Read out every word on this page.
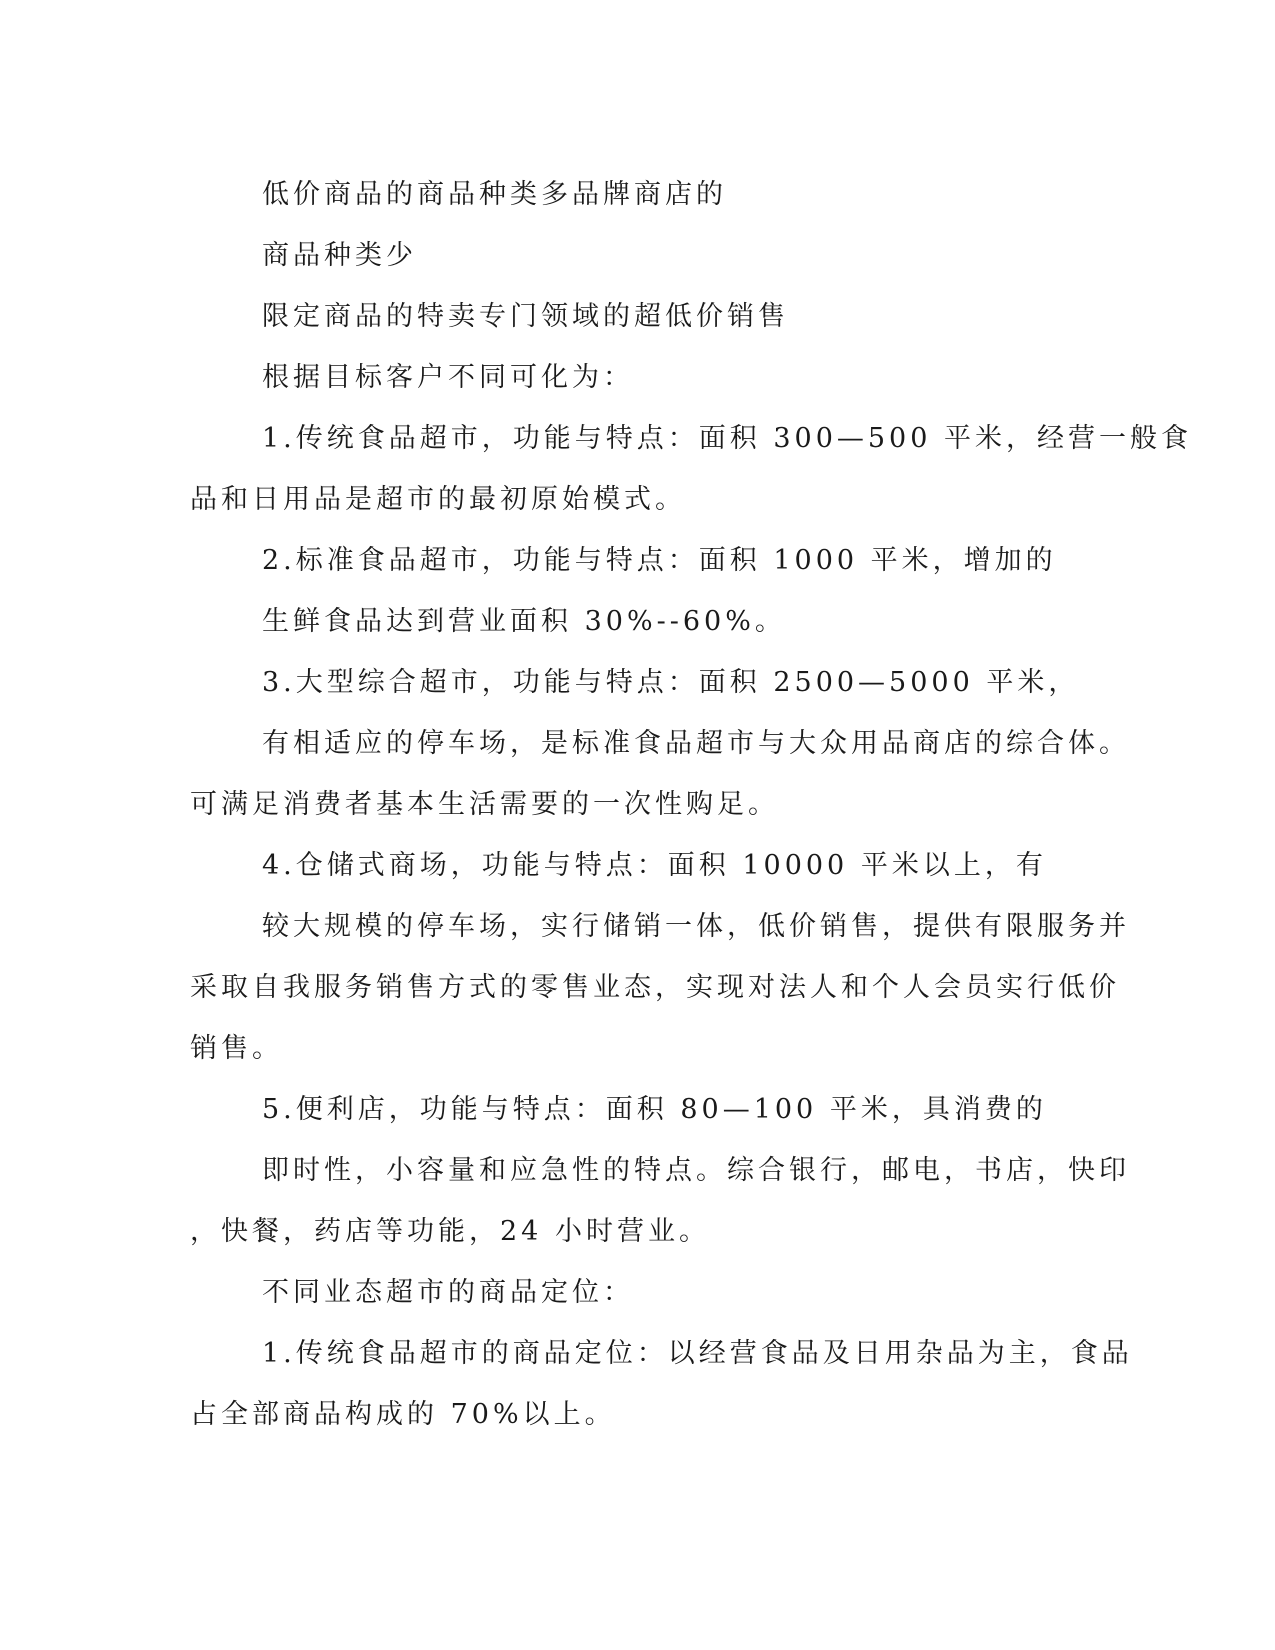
低价商品的商品种类多品牌商店的
商品种类少
限定商品的特卖专门领域的超低价销售
根据目标客户不同可化为：
1.传统食品超市，功能与特点：面积 300—500 平米，经营一般食
品和日用品是超市的最初原始模式。
2.标准食品超市，功能与特点：面积 1000 平米，增加的
生鲜食品达到营业面积 30%--60%。
3.大型综合超市，功能与特点：面积 2500—5000 平米，
有相适应的停车场，是标准食品超市与大众用品商店的综合体。
可满足消费者基本生活需要的一次性购足。
4.仓储式商场，功能与特点：面积 10000 平米以上，有
较大规模的停车场，实行储销一体，低价销售，提供有限服务并
采取自我服务销售方式的零售业态，实现对法人和个人会员实行低价
销售。
5.便利店，功能与特点：面积 80—100 平米，具消费的
即时性，小容量和应急性的特点。综合银行，邮电，书店，快印
，快餐，药店等功能，24 小时营业。
不同业态超市的商品定位：
1.传统食品超市的商品定位：以经营食品及日用杂品为主，食品
占全部商品构成的 70%以上。
